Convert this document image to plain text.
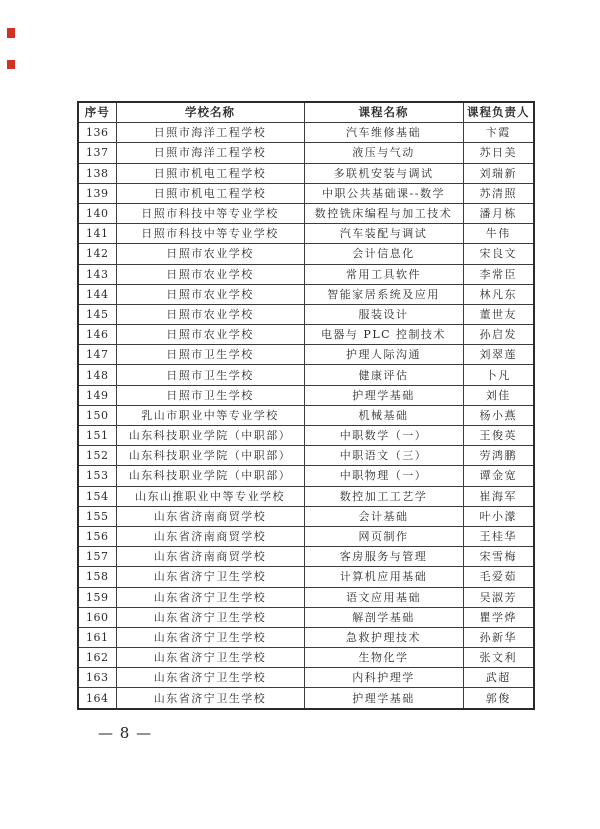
序号	学校名称	课程名称	课程负责人
136	日照市海洋工程学校	汽车维修基础	卞霞
137	日照市海洋工程学校	液压与气动	苏日美
138	日照市机电工程学校	多联机安装与调试	刘瑞新
139	日照市机电工程学校	中职公共基础课--数学	苏清照
140	日照市科技中等专业学校	数控铣床编程与加工技术	潘月栋
141	日照市科技中等专业学校	汽车装配与调试	牛伟
142	日照市农业学校	会计信息化	宋良文
143	日照市农业学校	常用工具软件	李常臣
144	日照市农业学校	智能家居系统及应用	林凡东
145	日照市农业学校	服装设计	董世友
146	日照市农业学校	电器与 PLC 控制技术	孙启发
147	日照市卫生学校	护理人际沟通	刘翠莲
148	日照市卫生学校	健康评估	卜凡
149	日照市卫生学校	护理学基础	刘佳
150	乳山市职业中等专业学校	机械基础	杨小燕
151	山东科技职业学院（中职部）	中职数学（一）	王俊英
152	山东科技职业学院（中职部）	中职语文（三）	劳鸿鹏
153	山东科技职业学院（中职部）	中职物理（一）	谭金宽
154	山东山推职业中等专业学校	数控加工工艺学	崔海军
155	山东省济南商贸学校	会计基础	叶小濛
156	山东省济南商贸学校	网页制作	王桂华
157	山东省济南商贸学校	客房服务与管理	宋雪梅
158	山东省济宁卫生学校	计算机应用基础	毛爱茹
159	山东省济宁卫生学校	语文应用基础	吴淑芳
160	山东省济宁卫生学校	解剖学基础	瞿学烨
161	山东省济宁卫生学校	急救护理技术	孙新华
162	山东省济宁卫生学校	生物化学	张文利
163	山东省济宁卫生学校	内科护理学	武超
164	山东省济宁卫生学校	护理学基础	郭俊
— 8 —
